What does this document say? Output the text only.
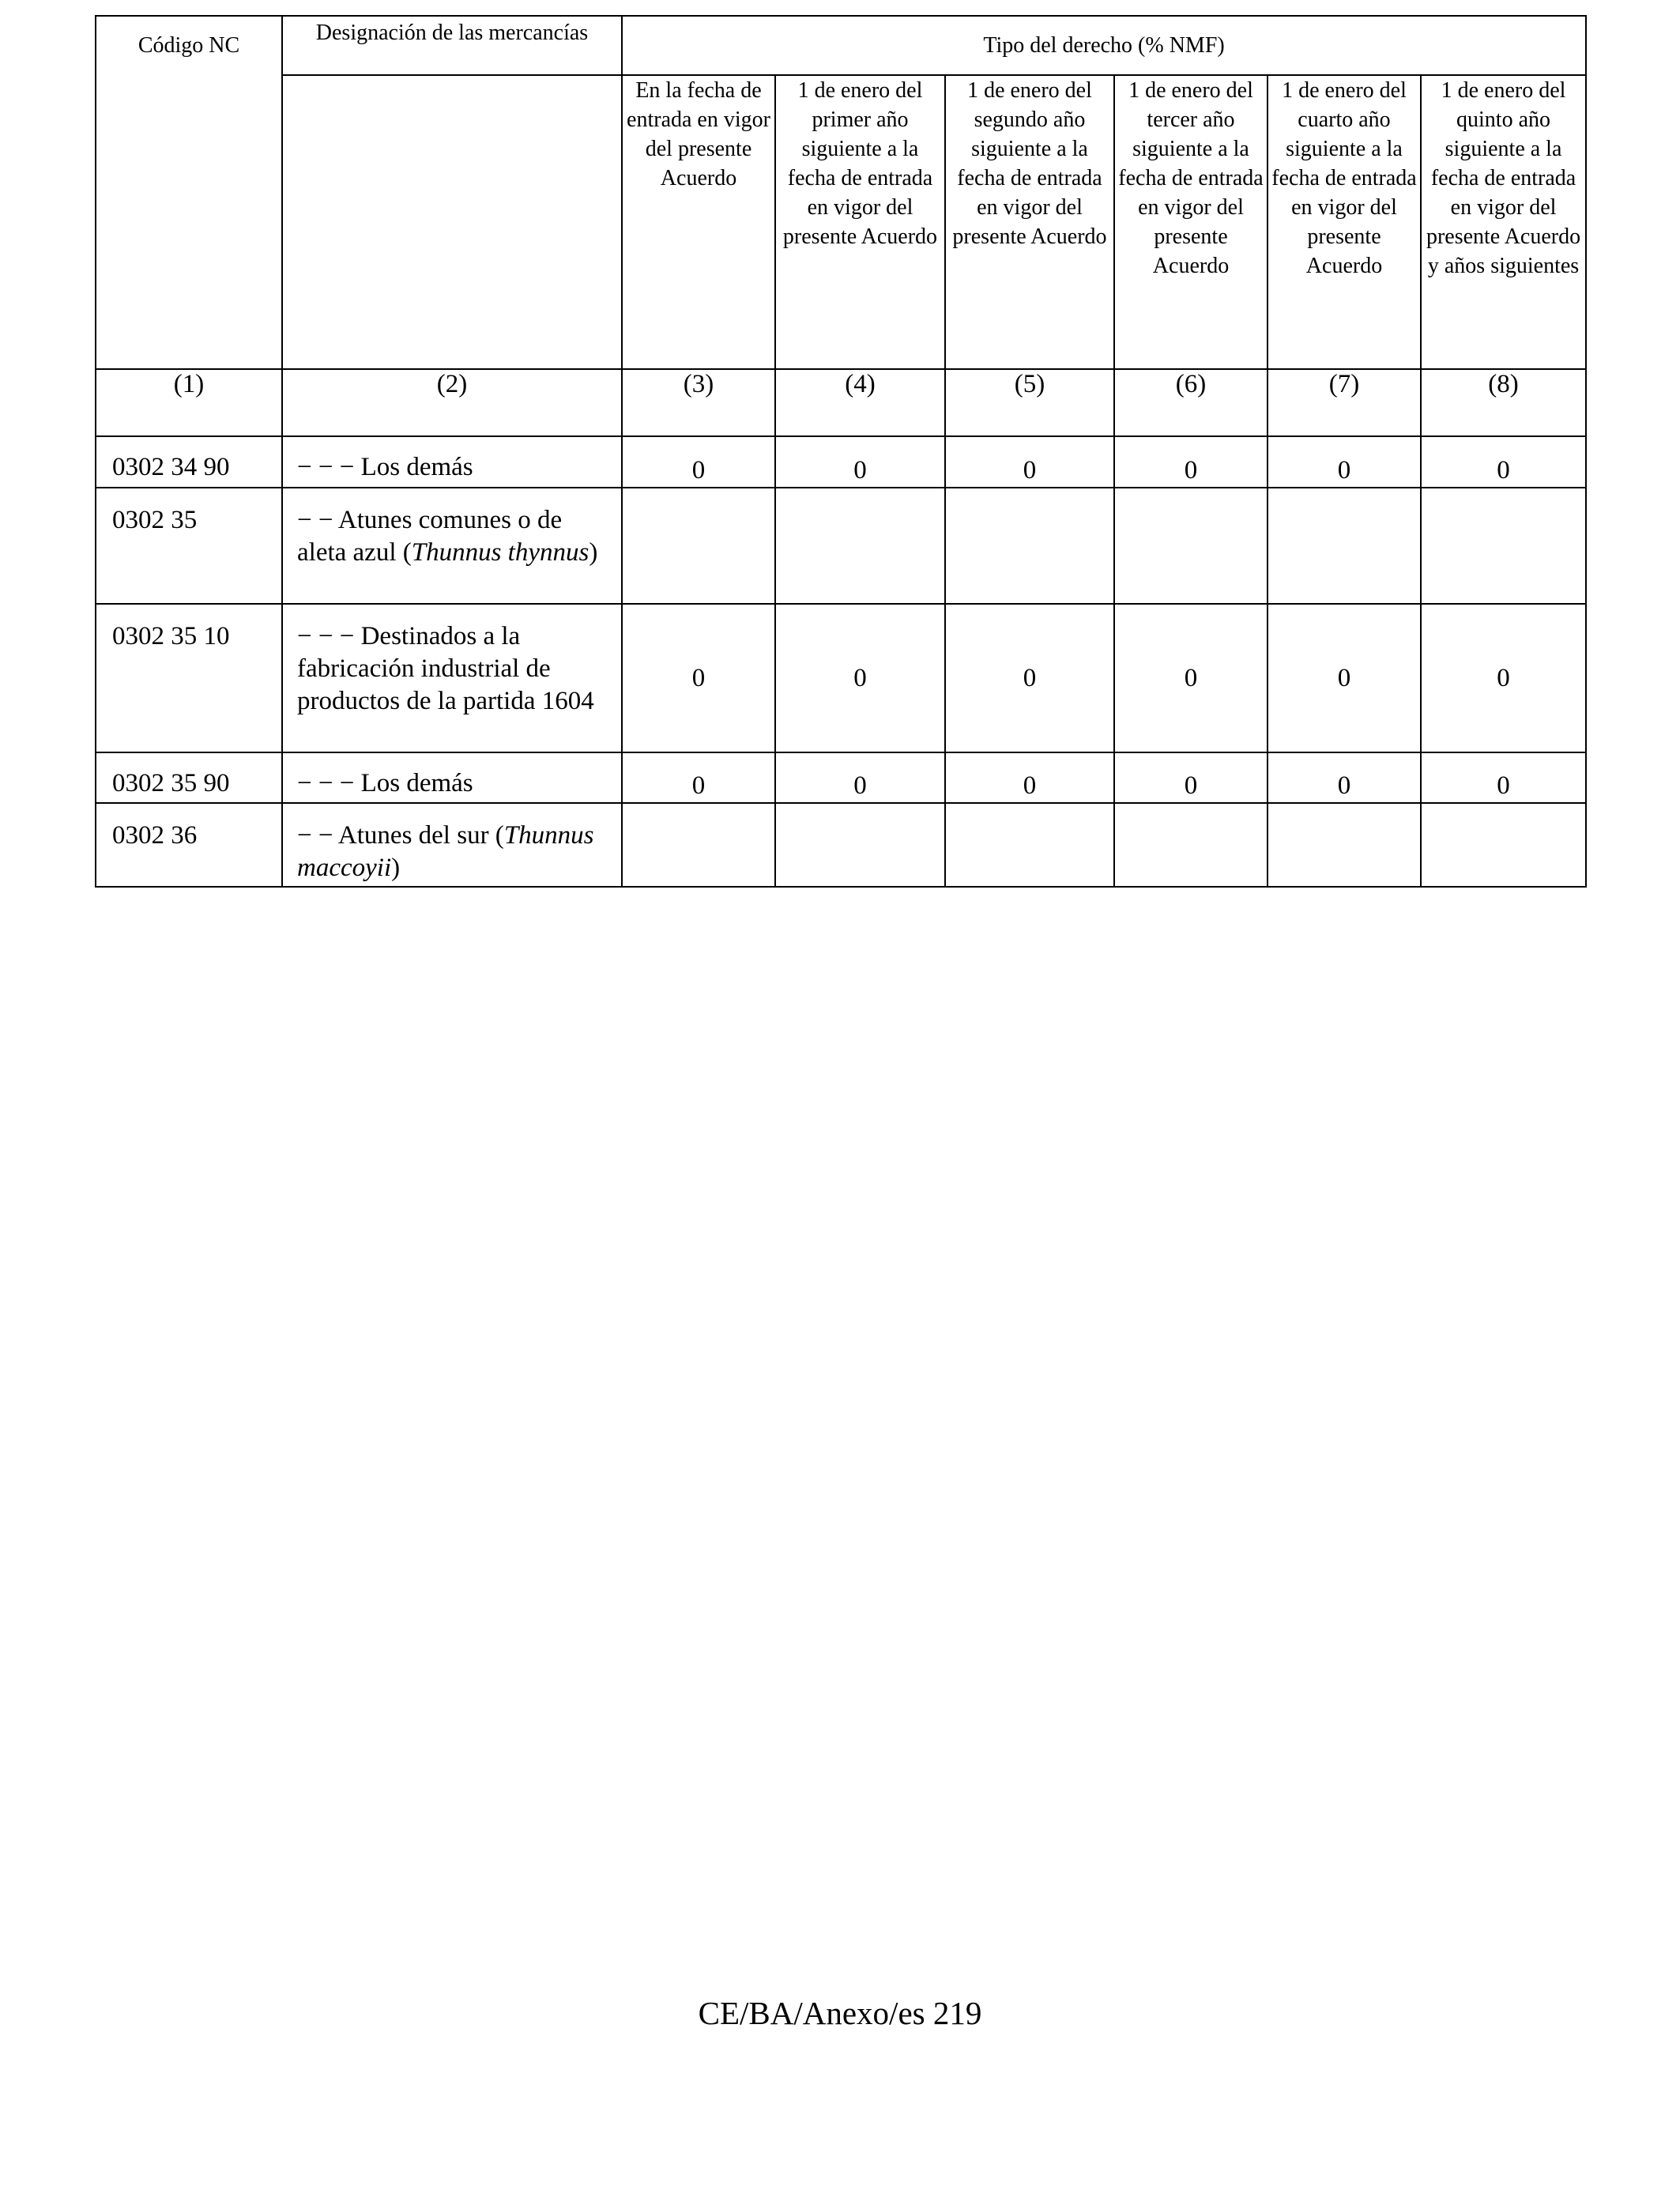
Código NC	Designación de las mercancías	Tipo del derecho (% NMF)					
		En la fecha de entrada en vigor del presente Acuerdo	1 de enero del primer año siguiente a la fecha de entrada en vigor del presente Acuerdo	1 de enero del segundo año siguiente a la fecha de entrada en vigor del presente Acuerdo	1 de enero del tercer año siguiente a la fecha de entrada en vigor del presente Acuerdo	1 de enero del cuarto año siguiente a la fecha de entrada en vigor del presente Acuerdo	1 de enero del quinto año siguiente a la fecha de entrada en vigor del presente Acuerdo y años siguientes
(1)	(2)	(3)	(4)	(5)	(6)	(7)	(8)
0302 34 90	− − − Los demás	0	0	0	0	0	0
0302 35	− − Atunes comunes o de aleta azul (Thunnus thynnus)						
0302 35 10	− − − Destinados a la fabricación industrial de productos de la partida 1604	0	0	0	0	0	0
0302 35 90	− − − Los demás	0	0	0	0	0	0
0302 36	− − Atunes del sur (Thunnus maccoyii)						
CE/BA/Anexo/es 219
